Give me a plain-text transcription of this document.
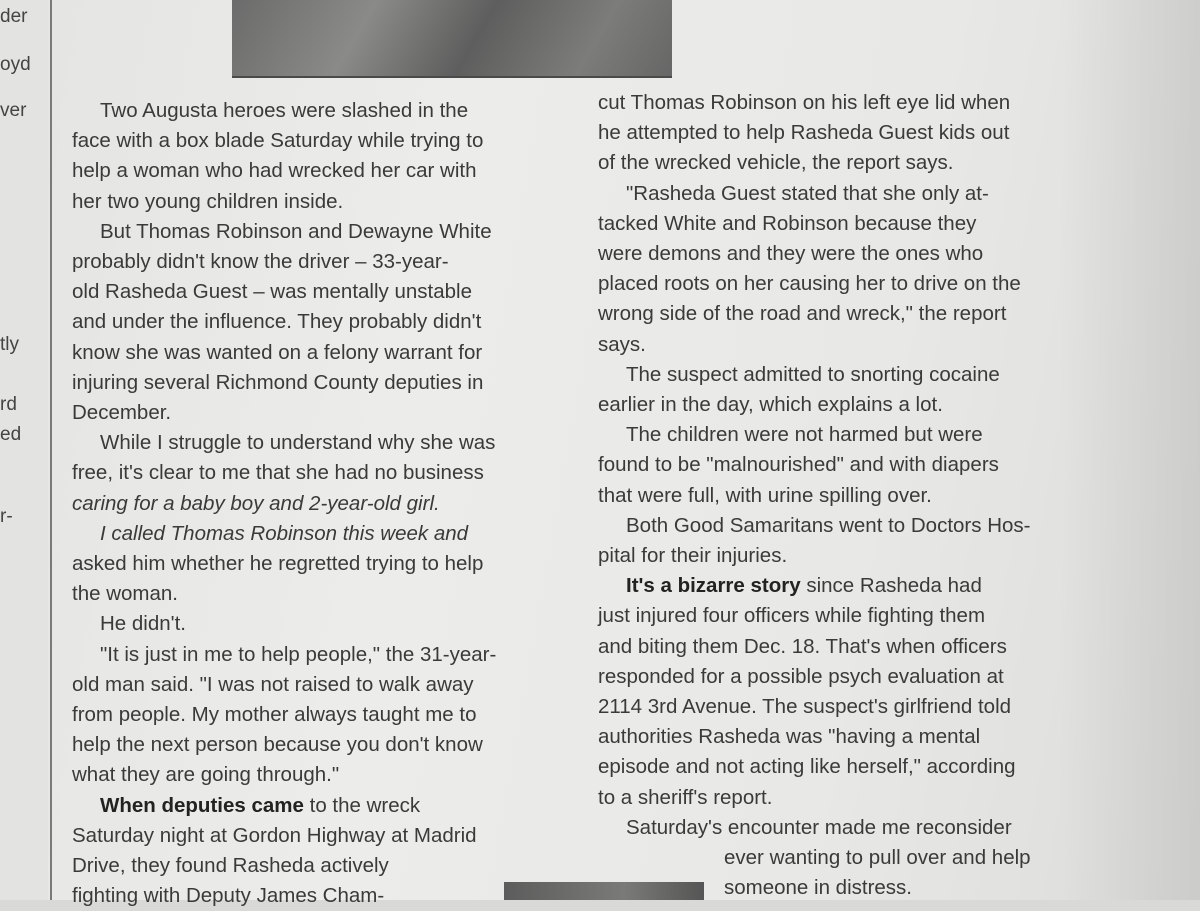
der
oyd
ver
tly
rd
ed
r-
Two Augusta heroes were slashed in the
face with a box blade Saturday while trying to
help a woman who had wrecked her car with
her two young children inside.
But Thomas Robinson and Dewayne White
probably didn't know the driver – 33-year-
old Rasheda Guest – was mentally unstable
and under the influence. They probably didn't
know she was wanted on a felony warrant for
injuring several Richmond County deputies in
December.
While I struggle to understand why she was
free, it's clear to me that she had no business
caring for a baby boy and 2-year-old girl.
I called Thomas Robinson this week and
asked him whether he regretted trying to help
the woman.
He didn't.
"It is just in me to help people," the 31-year-
old man said. "I was not raised to walk away
from people. My mother always taught me to
help the next person because you don't know
what they are going through."
When deputies came to the wreck
Saturday night at Gordon Highway at Madrid
Drive, they found Rasheda actively
fighting with Deputy James Cham-
cut Thomas Robinson on his left eye lid when
he attempted to help Rasheda Guest kids out
of the wrecked vehicle, the report says.
"Rasheda Guest stated that she only at-
tacked White and Robinson because they
were demons and they were the ones who
placed roots on her causing her to drive on the
wrong side of the road and wreck," the report
says.
The suspect admitted to snorting cocaine
earlier in the day, which explains a lot.
The children were not harmed but were
found to be "malnourished" and with diapers
that were full, with urine spilling over.
Both Good Samaritans went to Doctors Hos-
pital for their injuries.
It's a bizarre story since Rasheda had
just injured four officers while fighting them
and biting them Dec. 18. That's when officers
responded for a possible psych evaluation at
2114 3rd Avenue. The suspect's girlfriend told
authorities Rasheda was "having a mental
episode and not acting like herself," according
to a sheriff's report.
Saturday's encounter made me reconsider
ever wanting to pull over and help
someone in distress.
